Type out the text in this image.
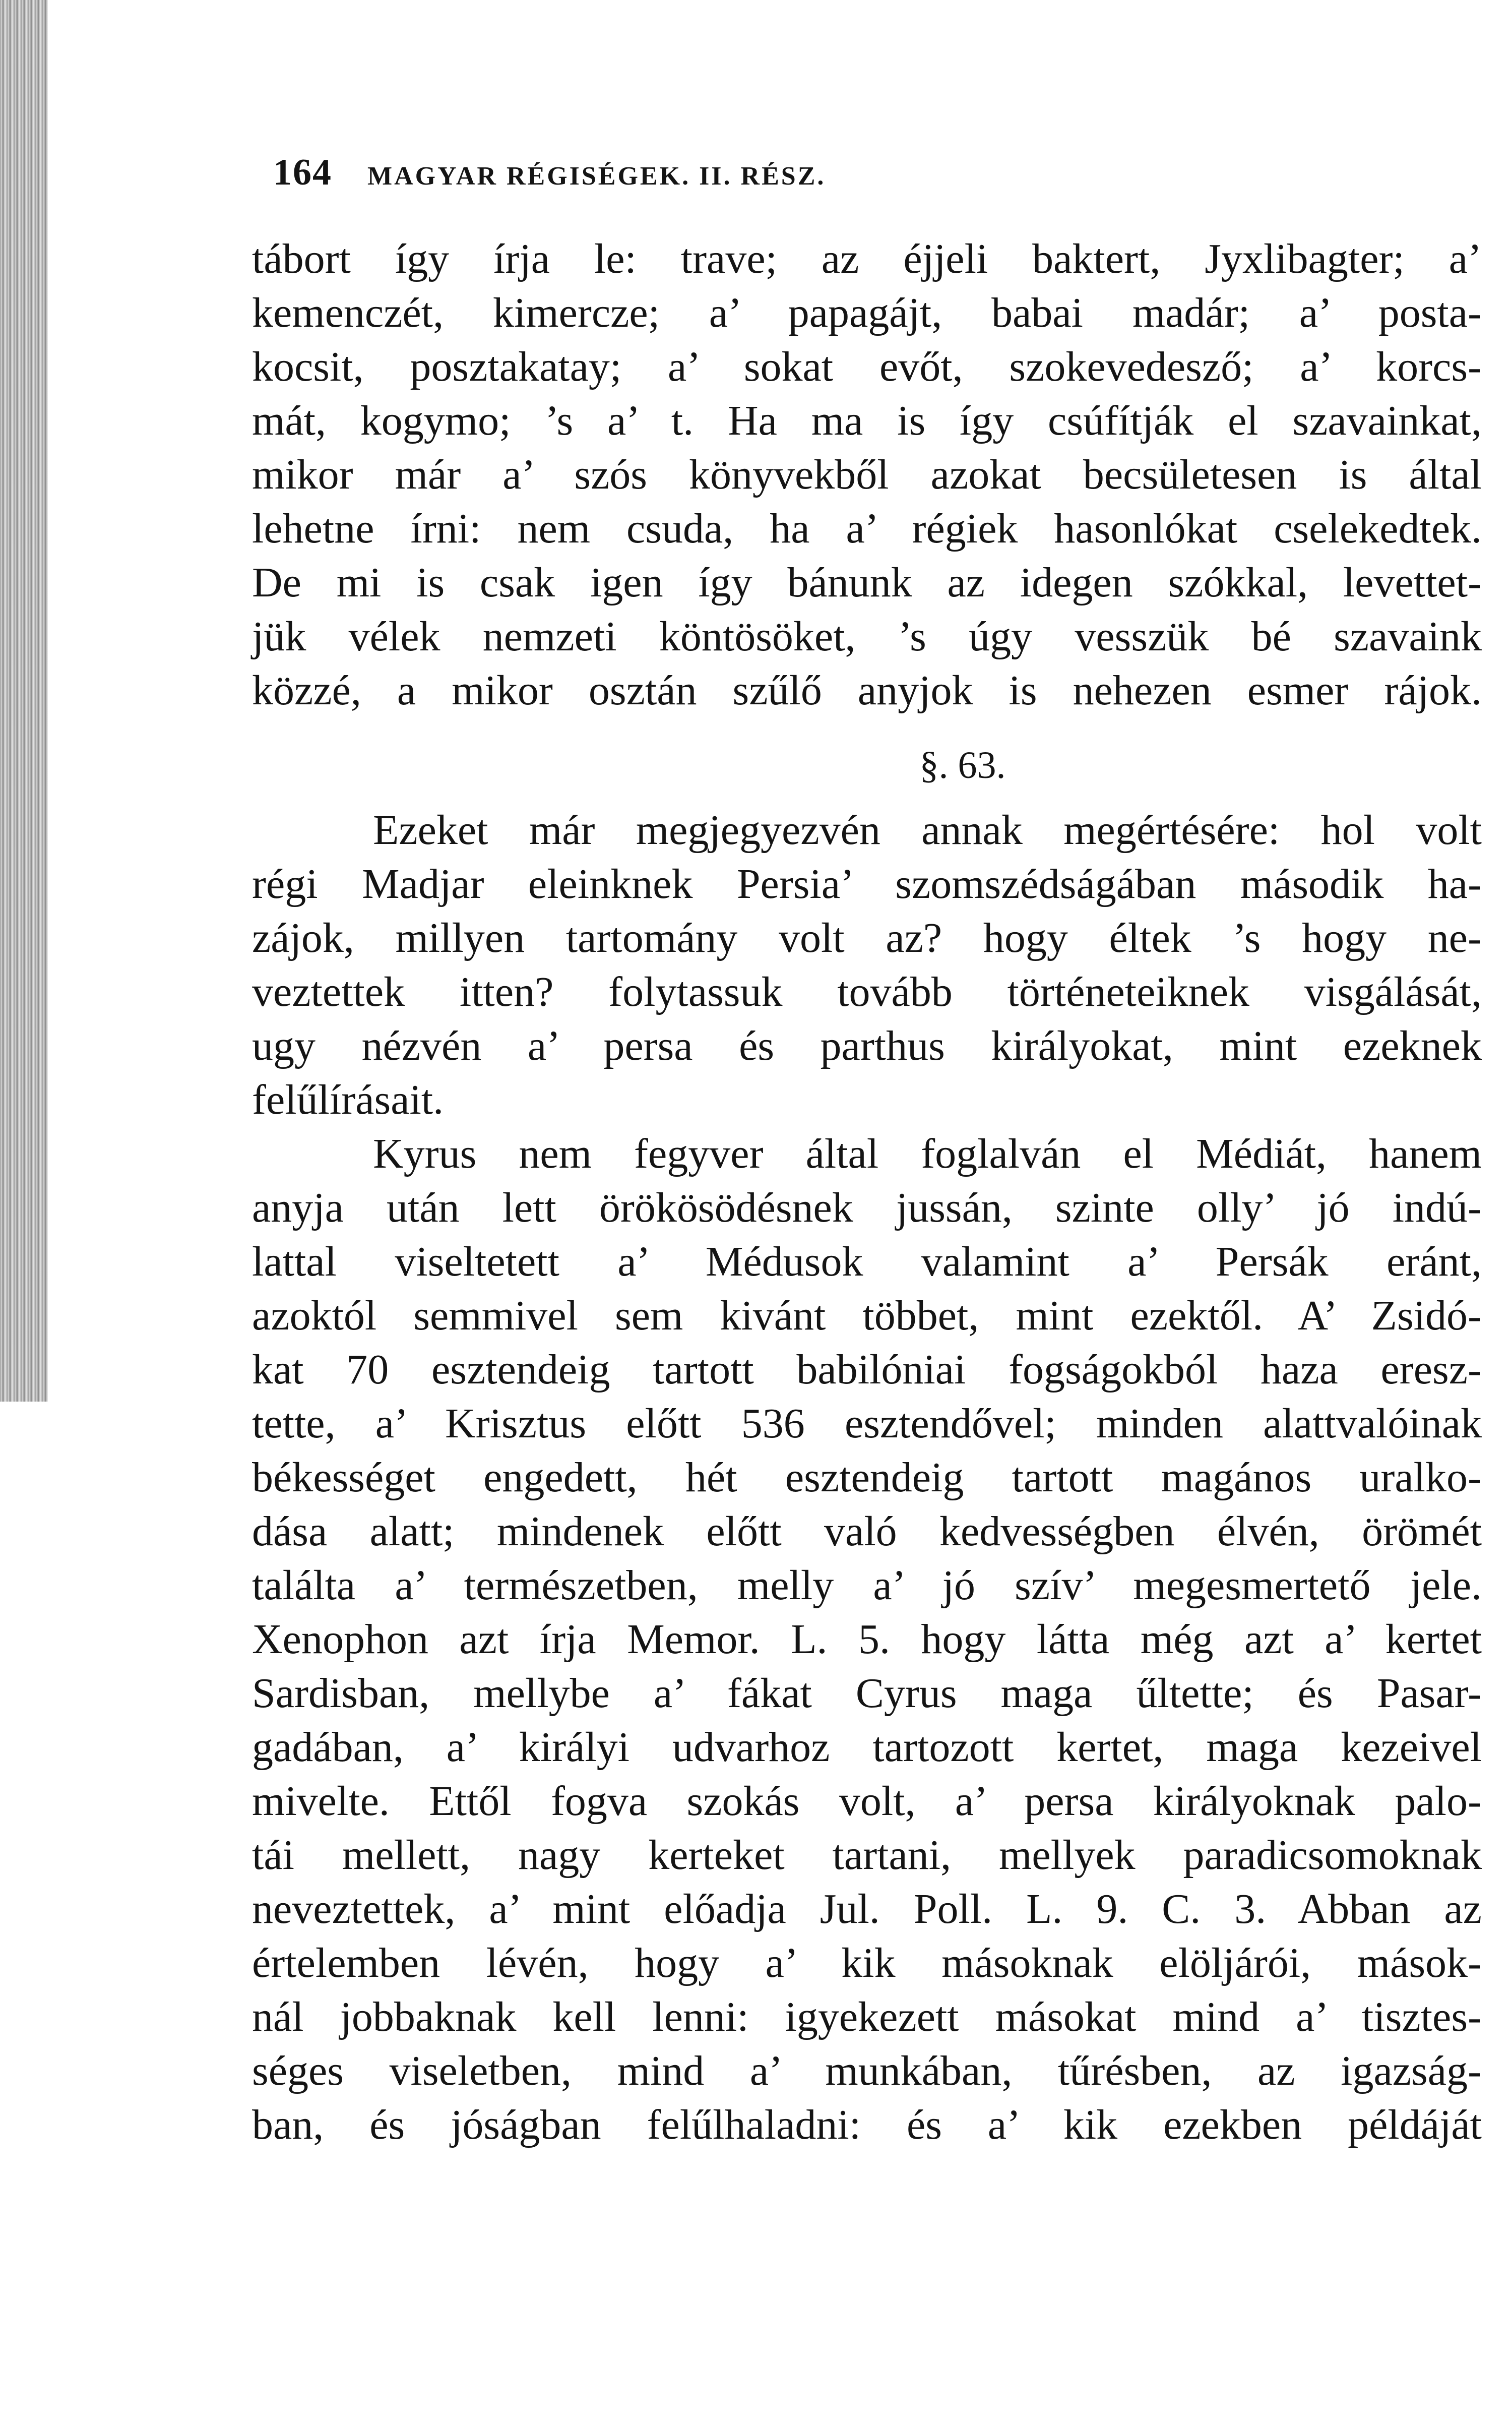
164 MAGYAR RÉGISÉGEK. II. RÉSZ.
tábort így írja le: trave; az éjjeli baktert, Jyxlibagter; a’
kemenczét, kimercze; a’ papagájt, babai madár; a’ posta-
kocsit, posztakatay; a’ sokat evőt, szokevedesző; a’ korcs-
mát, kogymo; ’s a’ t. Ha ma is így csúfítják el szavainkat,
mikor már a’ szós könyvekből azokat becsületesen is által
lehetne írni: nem csuda, ha a’ régiek hasonlókat cselekedtek.
De mi is csak igen így bánunk az idegen szókkal, levettet-
jük vélek nemzeti köntösöket, ’s úgy vesszük bé szavaink
közzé, a mikor osztán szűlő anyjok is nehezen esmer rájok.
§. 63.
Ezeket már megjegyezvén annak megértésére: hol volt
régi Madjar eleinknek Persia’ szomszédságában második ha-
zájok, millyen tartomány volt az? hogy éltek ’s hogy ne-
veztettek itten? folytassuk tovább történeteiknek visgálását,
ugy nézvén a’ persa és parthus királyokat, mint ezeknek
felűlírásait.
Kyrus nem fegyver által foglalván el Médiát, hanem
anyja után lett örökösödésnek jussán, szinte olly’ jó indú-
lattal viseltetett a’ Médusok valamint a’ Persák eránt,
azoktól semmivel sem kivánt többet, mint ezektől. A’ Zsidó-
kat 70 esztendeig tartott babilóniai fogságokból haza eresz-
tette, a’ Krisztus előtt 536 esztendővel; minden alattvalóinak
békességet engedett, hét esztendeig tartott magános uralko-
dása alatt; mindenek előtt való kedvességben élvén, örömét
találta a’ természetben, melly a’ jó szív’ megesmertető jele.
Xenophon azt írja Memor. L. 5. hogy látta még azt a’ kertet
Sardisban, mellybe a’ fákat Cyrus maga űltette; és Pasar-
gadában, a’ királyi udvarhoz tartozott kertet, maga kezeivel
mivelte. Ettől fogva szokás volt, a’ persa királyoknak palo-
tái mellett, nagy kerteket tartani, mellyek paradicsomoknak
neveztettek, a’ mint előadja Jul. Poll. L. 9. C. 3. Abban az
értelemben lévén, hogy a’ kik másoknak elöljárói, mások-
nál jobbaknak kell lenni: igyekezett másokat mind a’ tisztes-
séges viseletben, mind a’ munkában, tűrésben, az igazság-
ban, és jóságban felűlhaladni: és a’ kik ezekben példáját
